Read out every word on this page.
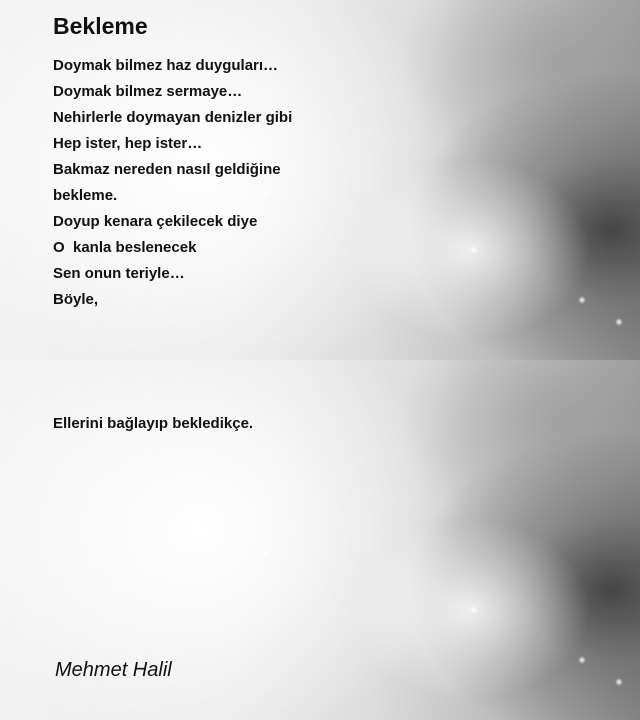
Bekleme
Doymak bilmez haz duyguları…
Doymak bilmez sermaye…
Nehirlerle doymayan denizler gibi
Hep ister, hep ister…
Bakmaz nereden nasıl geldiğine
bekleme.
Doyup kenara çekilecek diye
O  kanla beslenecek
Sen onun teriyle…
Böyle,

Ellerini bağlayıp bekledikçe.

Mehmet Halil
